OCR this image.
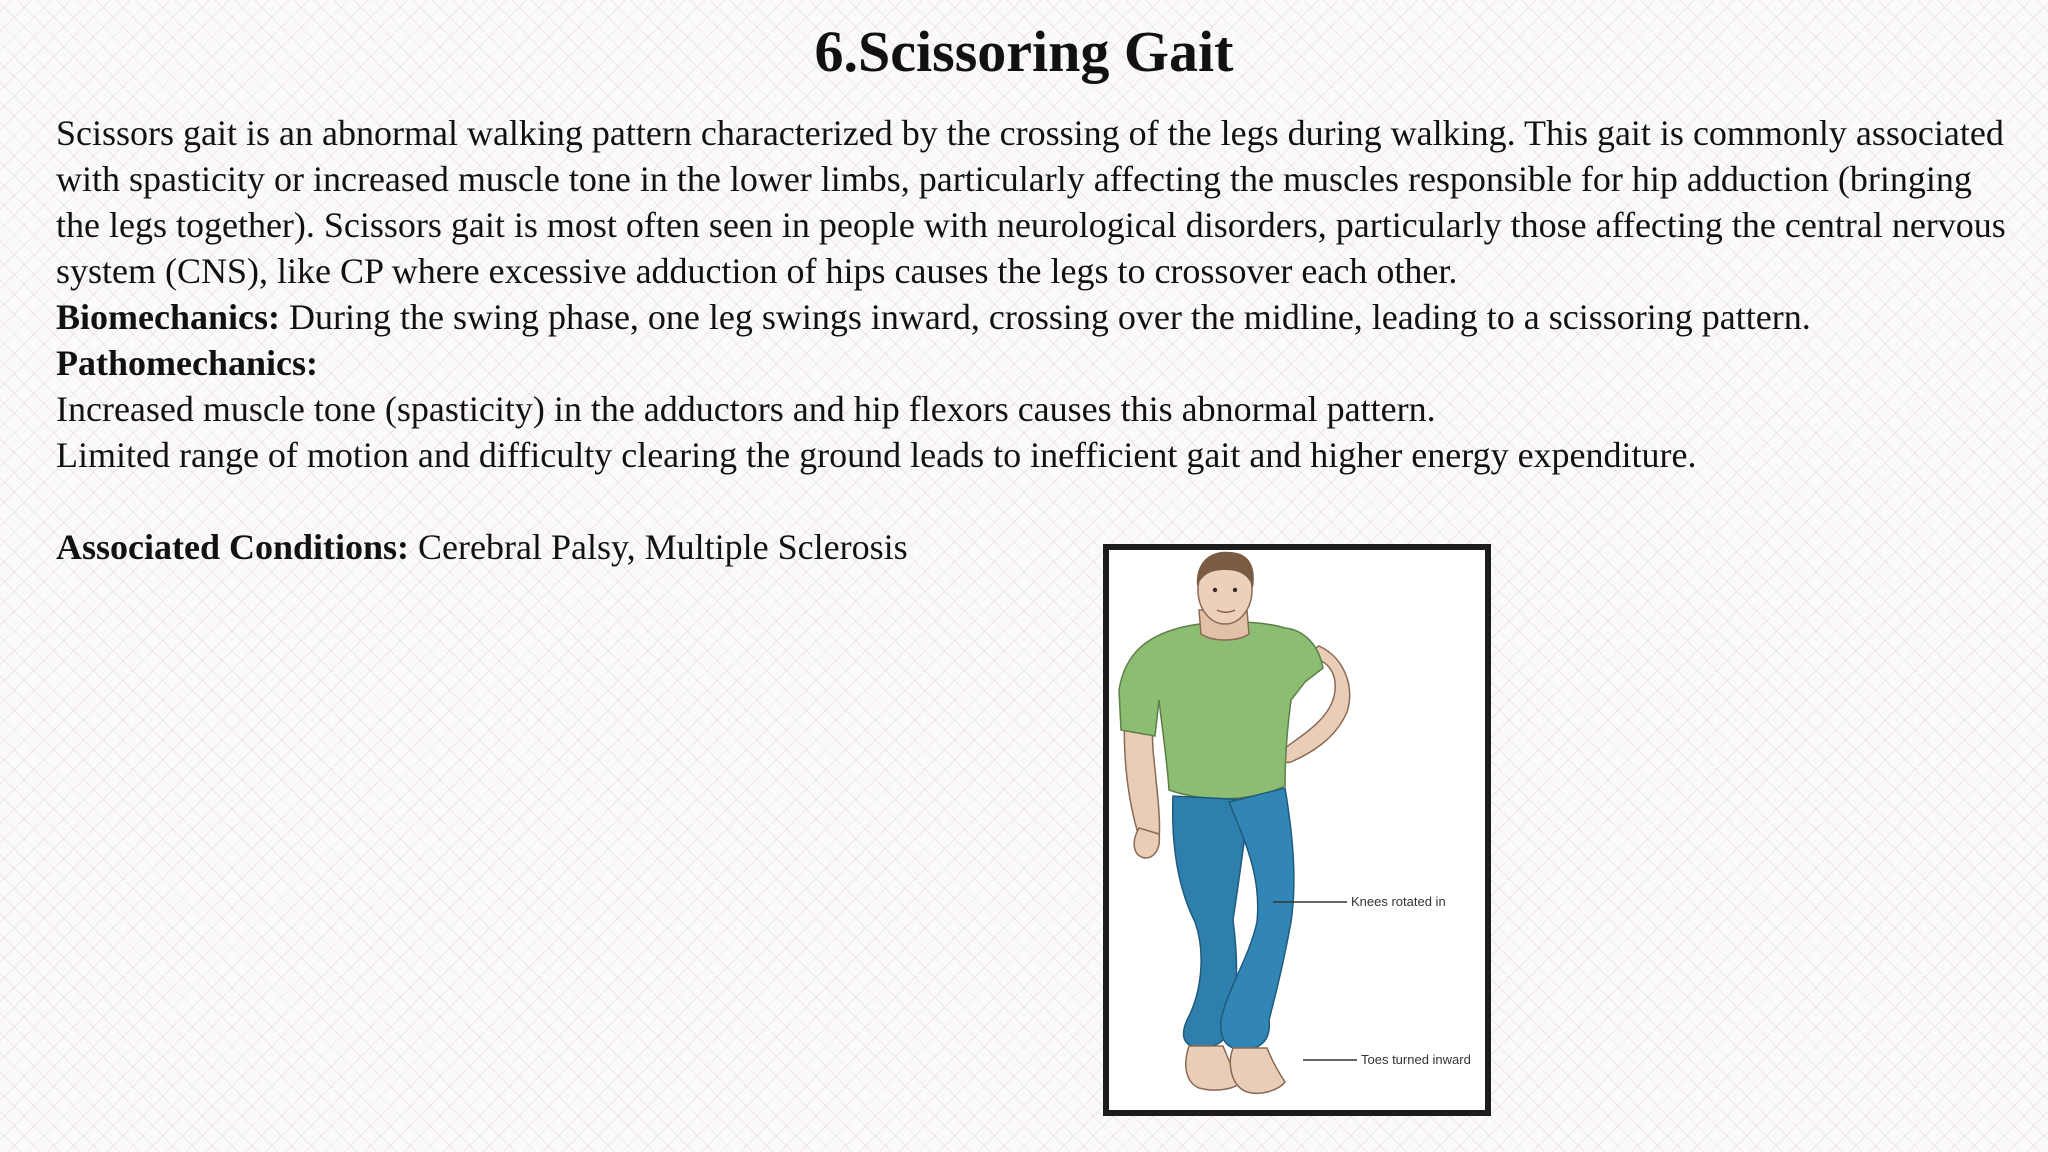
6.Scissoring Gait

Scissors gait is an abnormal walking pattern characterized by the crossing of the legs during walking. This gait is commonly associated with spasticity or increased muscle tone in the lower limbs, particularly affecting the muscles responsible for hip adduction (bringing the legs together). Scissors gait is most often seen in people with neurological disorders, particularly those affecting the central nervous system (CNS), like CP where excessive adduction of hips causes the legs to crossover each other.

Biomechanics: During the swing phase, one leg swings inward, crossing over the midline, leading to a scissoring pattern.

Pathomechanics:

Increased muscle tone (spasticity) in the adductors and hip flexors causes this abnormal pattern.

Limited range of motion and difficulty clearing the ground leads to inefficient gait and higher energy expenditure.

Associated Conditions: Cerebral Palsy, Multiple Sclerosis

Knees rotated in
Toes turned inward
